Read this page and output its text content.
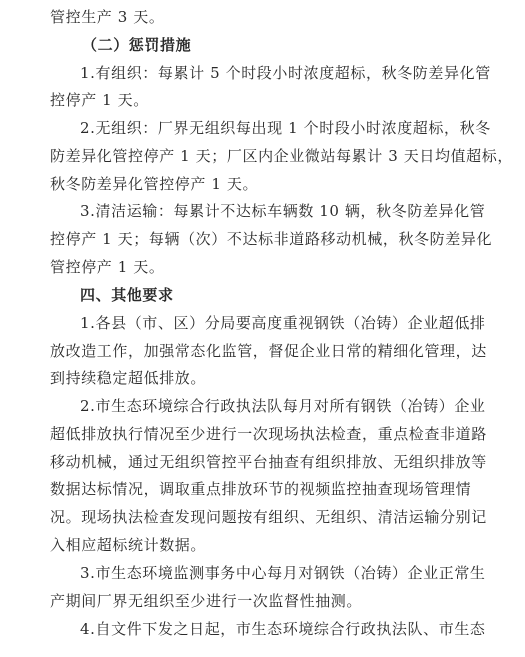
管控生产 3 天。
（二）惩罚措施
1.有组织：每累计 5 个时段小时浓度超标，秋冬防差异化管
控停产 1 天。
2.无组织：厂界无组织每出现 1 个时段小时浓度超标，秋冬
防差异化管控停产 1 天；厂区内企业微站每累计 3 天日均值超标，
秋冬防差异化管控停产 1 天。
3.清洁运输：每累计不达标车辆数 10 辆，秋冬防差异化管
控停产 1 天；每辆（次）不达标非道路移动机械，秋冬防差异化
管控停产 1 天。
四、其他要求
1.各县（市、区）分局要高度重视钢铁（冶铸）企业超低排
放改造工作，加强常态化监管，督促企业日常的精细化管理，达
到持续稳定超低排放。
2.市生态环境综合行政执法队每月对所有钢铁（冶铸）企业
超低排放执行情况至少进行一次现场执法检查，重点检查非道路
移动机械，通过无组织管控平台抽查有组织排放、无组织排放等
数据达标情况，调取重点排放环节的视频监控抽查现场管理情
况。现场执法检查发现问题按有组织、无组织、清洁运输分别记
入相应超标统计数据。
3.市生态环境监测事务中心每月对钢铁（冶铸）企业正常生
产期间厂界无组织至少进行一次监督性抽测。
4.自文件下发之日起，市生态环境综合行政执法队、市生态
